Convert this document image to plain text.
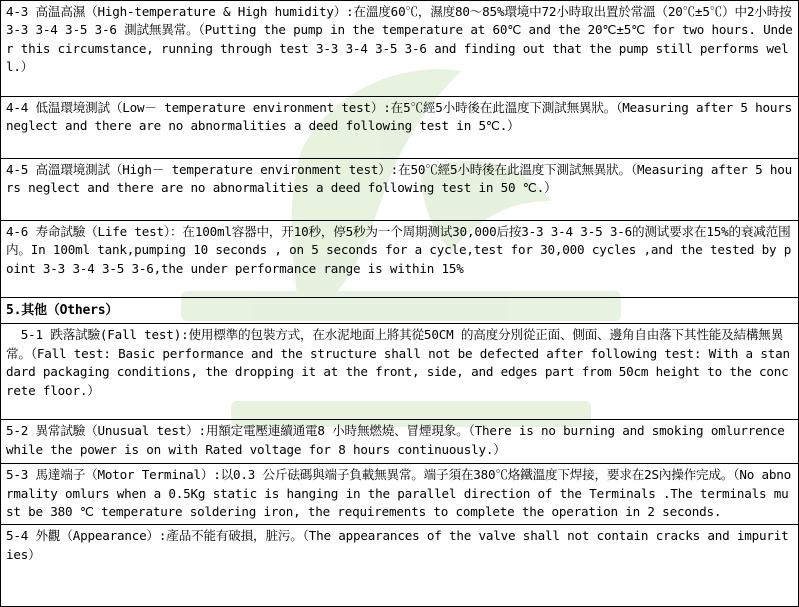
4-3 高温高濕（High-temperature & High humidity）:在溫度60℃，濕度80～85%環境中72小時取出置於常溫（20℃±5℃）中2小時按3-3 3-4 3-5 3-6 測試無異常。（Putting the pump in the temperature at 60℃ and the 20℃±5℃ for two hours. Under this circumstance, running through test 3-3 3-4 3-5 3-6 and finding out that the pump still performs well.）
4-4 低温環境測試（Low－ temperature environment test）:在5℃經5小時後在此溫度下測試無異狀。（Measuring after 5 hours neglect and there are no abnormalities a deed following test in 5℃.）
4-5 高溫環境測試（High－ temperature environment test）:在50℃經5小時後在此溫度下測試無異狀。（Measuring after 5 hours neglect and there are no abnormalities a deed following test in 50 ℃.）
4-6 寿命試驗（Life test）：在100ml容器中，开10秒，停5秒为一个周期测试30,000后按3-3 3-4 3-5 3-6的测试要求在15%的衰减范围内。In 100ml tank,pumping 10 seconds , on 5 seconds for a cycle,test for 30,000 cycles ,and the tested by point 3-3 3-4 3-5 3-6,the under performance range is within 15%
5.其他（Others）
5-1 跌落試驗(Fall test):使用標準的包裝方式，在水泥地面上將其從50CM 的高度分別從正面、側面、邊角自由落下其性能及結構無異常。（Fall test: Basic performance and the structure shall not be defected after following test: With a standard packaging conditions, the dropping it at the front, side, and edges part from 50cm height to the concrete floor.）
5-2 異常試驗（Unusual test）:用額定電壓連續通電8 小時無燃燒、冒煙現象。（There is no burning and smoking omlurrence while the power is on with Rated voltage for 8 hours continuously.）
5-3 馬達端子（Motor Terminal）:以0.3 公斤砝碼與端子負載無異常。端子須在380℃烙鐵溫度下焊接，要求在2S內操作完成。（No abnormality omlurs when a 0.5Kg static is hanging in the parallel direction of the Terminals .The terminals must be 380 ℃ temperature soldering iron, the requirements to complete the operation in 2 seconds.
5-4 外觀（Appearance）:產品不能有破損，脏污。（The appearances of the valve shall not contain cracks and impurities）
